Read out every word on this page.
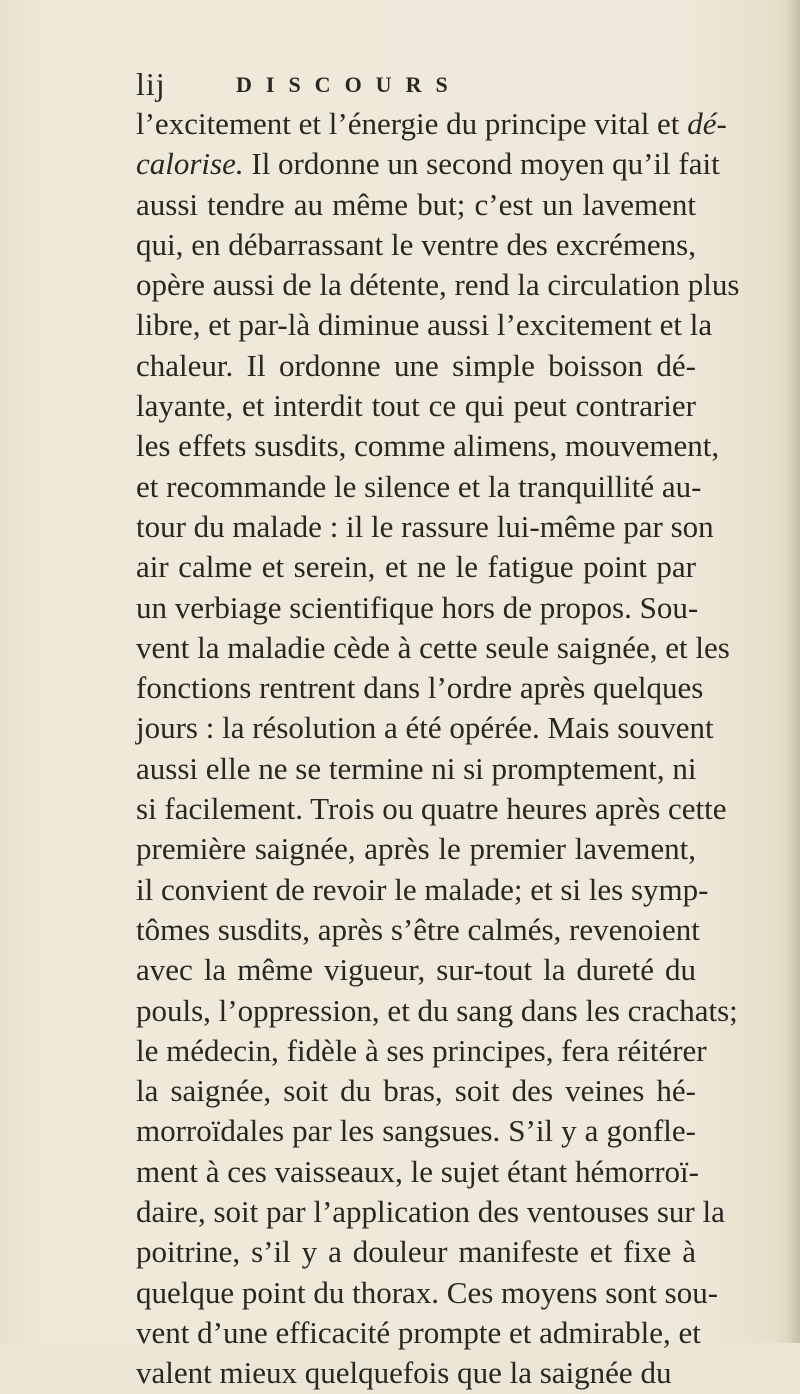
lij	DISCOURS
l’excitement et l’énergie du principe vital et dé-
calorise. Il ordonne un second moyen qu’il fait
aussi tendre au même but; c’est un lavement
qui, en débarrassant le ventre des excrémens,
opère aussi de la détente, rend la circulation plus
libre, et par-là diminue aussi l’excitement et la
chaleur. Il ordonne une simple boisson dé-
layante, et interdit tout ce qui peut contrarier
les effets susdits, comme alimens, mouvement,
et recommande le silence et la tranquillité au-
tour du malade : il le rassure lui-même par son
air calme et serein, et ne le fatigue point par
un verbiage scientifique hors de propos. Sou-
vent la maladie cède à cette seule saignée, et les
fonctions rentrent dans l’ordre après quelques
jours : la résolution a été opérée. Mais souvent
aussi elle ne se termine ni si promptement, ni
si facilement. Trois ou quatre heures après cette
première saignée, après le premier lavement,
il convient de revoir le malade; et si les symp-
tômes susdits, après s’être calmés, revenoient
avec la même vigueur, sur-tout la dureté du
pouls, l’oppression, et du sang dans les crachats;
le médecin, fidèle à ses principes, fera réitérer
la saignée, soit du bras, soit des veines hé-
morroïdales par les sangsues. S’il y a gonfle-
ment à ces vaisseaux, le sujet étant hémorroï-
daire, soit par l’application des ventouses sur la
poitrine, s’il y a douleur manifeste et fixe à
quelque point du thorax. Ces moyens sont sou-
vent d’une efficacité prompte et admirable, et
valent mieux quelquefois que la saignée du
